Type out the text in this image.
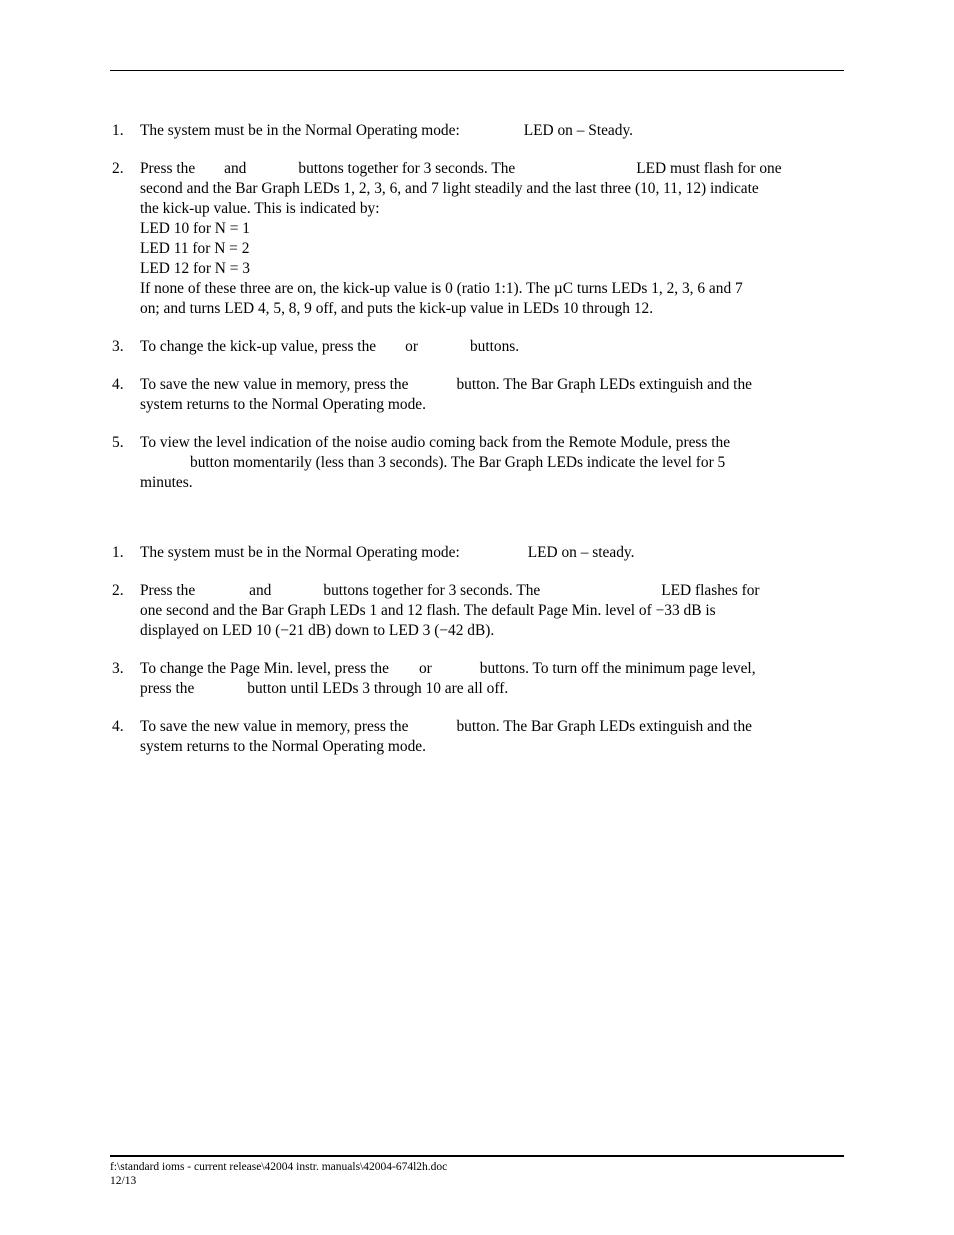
1. The system must be in the Normal Operating mode:	LED on – Steady.
2. Press the and	buttons together for 3 seconds. The	LED must flash for one
second and the Bar Graph LEDs 1, 2, 3, 6, and 7 light steadily and the last three (10, 11, 12) indicate
the kick-up value. This is indicated by:
LED 10 for N = 1
LED 11 for N = 2
LED 12 for N = 3
If none of these three are on, the kick-up value is 0 (ratio 1:1). The µC turns LEDs 1, 2, 3, 6 and 7
on; and turns LED 4, 5, 8, 9 off, and puts the kick-up value in LEDs 10 through 12.
3. To change the kick-up value, press the or	buttons.
4. To save the new value in memory, press the	button. The Bar Graph LEDs extinguish and the
system returns to the Normal Operating mode.
5. To view the level indication of the noise audio coming back from the Remote Module, press the
button momentarily (less than 3 seconds). The Bar Graph LEDs indicate the level for 5
minutes.
1. The system must be in the Normal Operating mode:	LED on – steady.
2. Press the	and	buttons together for 3 seconds. The	LED flashes for
one second and the Bar Graph LEDs 1 and 12 flash. The default Page Min. level of −33 dB is
displayed on LED 10 (−21 dB) down to LED 3 (−42 dB).
3. To change the Page Min. level, press the or	buttons. To turn off the minimum page level,
press the	button until LEDs 3 through 10 are all off.
4. To save the new value in memory, press the	button. The Bar Graph LEDs extinguish and the
system returns to the Normal Operating mode.
f:\standard ioms - current release\42004 instr. manuals\42004-674l2h.doc
12/13
